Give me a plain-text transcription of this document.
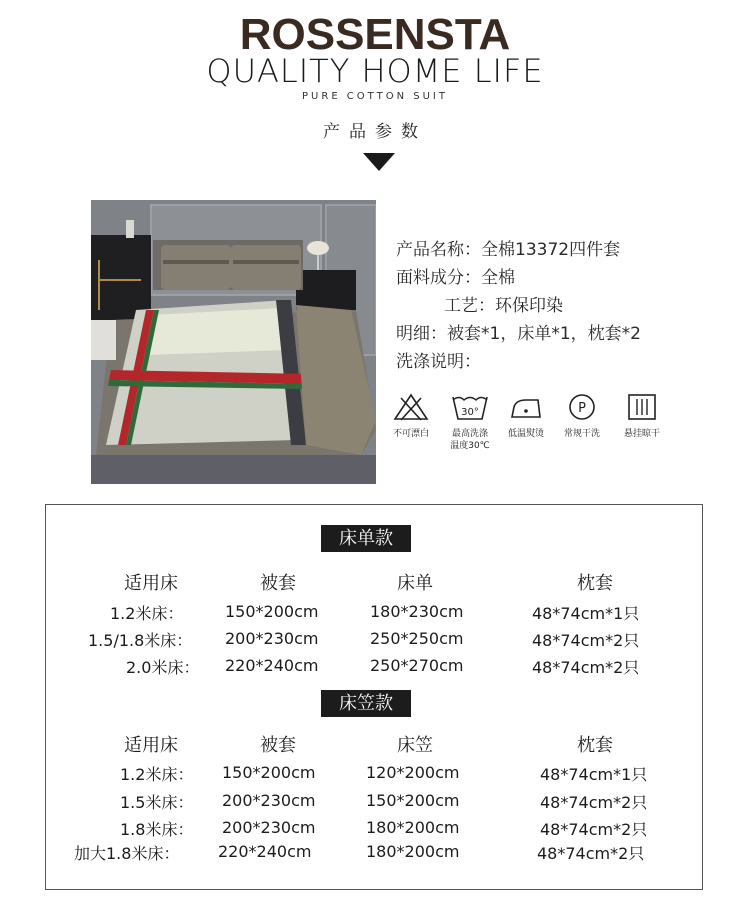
ROSSENSTA
QUALITY HOME LIFE
PURE COTTON SUIT
产品参数
产品名称：全棉13372四件套
面料成分：全棉
工艺：环保印染
明细：被套*1，床单*1，枕套*2
洗涤说明：
30°	P
不可漂白	最高洗涤
温度30℃
低温熨烫	常规干洗	悬挂晾干
床单款
适用床	被套	床单	枕套
1.2米床：	150*200cm	180*230cm	48*74cm*1只
1.5/1.8米床： 200*230cm	250*250cm	48*74cm*2只
2.0米床： 220*240cm	250*270cm	48*74cm*2只
床笠款
适用床	被套	床笠	枕套
1.2米床： 150*200cm	120*200cm	48*74cm*1只
1.5米床： 200*230cm	150*200cm	48*74cm*2只
1.8米床： 200*230cm	180*200cm	48*74cm*2只
加大1.8米床： 220*240cm	180*200cm	48*74cm*2只
